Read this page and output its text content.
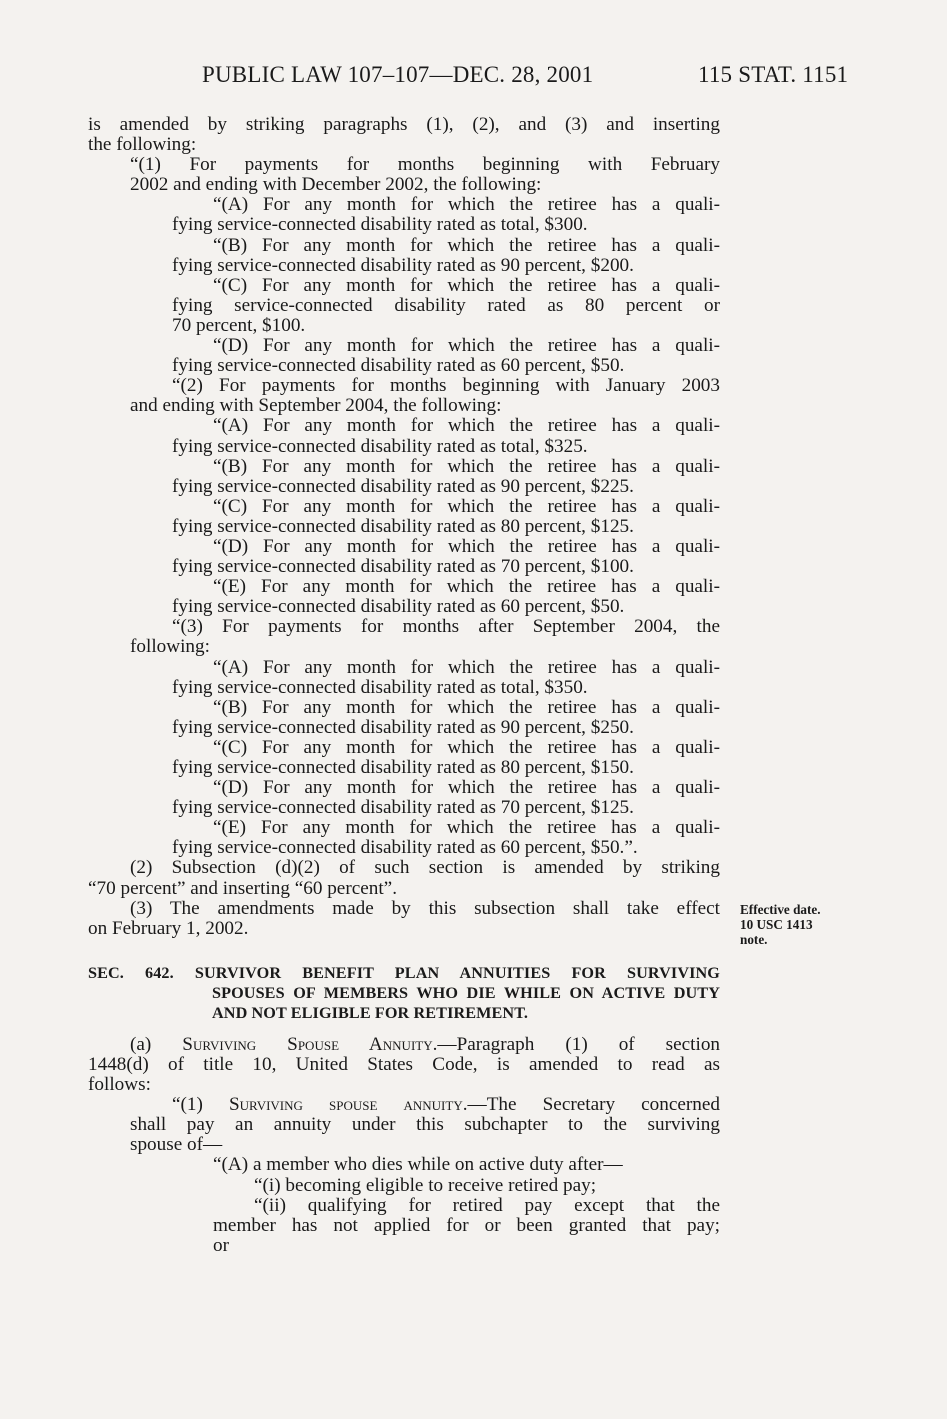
PUBLIC LAW 107–107—DEC. 28, 2001	115 STAT. 1151
is amended by striking paragraphs (1), (2), and (3) and inserting
the following:
“(1) For payments for months beginning with February
2002 and ending with December 2002, the following:
“(A) For any month for which the retiree has a quali-
fying service-connected disability rated as total, $300.
“(B) For any month for which the retiree has a quali-
fying service-connected disability rated as 90 percent, $200.
“(C) For any month for which the retiree has a quali-
fying service-connected disability rated as 80 percent or
70 percent, $100.
“(D) For any month for which the retiree has a quali-
fying service-connected disability rated as 60 percent, $50.
“(2) For payments for months beginning with January 2003
and ending with September 2004, the following:
“(A) For any month for which the retiree has a quali-
fying service-connected disability rated as total, $325.
“(B) For any month for which the retiree has a quali-
fying service-connected disability rated as 90 percent, $225.
“(C) For any month for which the retiree has a quali-
fying service-connected disability rated as 80 percent, $125.
“(D) For any month for which the retiree has a quali-
fying service-connected disability rated as 70 percent, $100.
“(E) For any month for which the retiree has a quali-
fying service-connected disability rated as 60 percent, $50.
“(3) For payments for months after September 2004, the
following:
“(A) For any month for which the retiree has a quali-
fying service-connected disability rated as total, $350.
“(B) For any month for which the retiree has a quali-
fying service-connected disability rated as 90 percent, $250.
“(C) For any month for which the retiree has a quali-
fying service-connected disability rated as 80 percent, $150.
“(D) For any month for which the retiree has a quali-
fying service-connected disability rated as 70 percent, $125.
“(E) For any month for which the retiree has a quali-
fying service-connected disability rated as 60 percent, $50.”.
(2) Subsection (d)(2) of such section is amended by striking
“70 percent” and inserting “60 percent”.
(3) The amendments made by this subsection shall take effect
on February 1, 2002.
SEC. 642. SURVIVOR BENEFIT PLAN ANNUITIES FOR SURVIVING
SPOUSES OF MEMBERS WHO DIE WHILE ON ACTIVE DUTY
AND NOT ELIGIBLE FOR RETIREMENT.
(a) Surviving Spouse Annuity.—Paragraph (1) of section
1448(d) of title 10, United States Code, is amended to read as
follows:
“(1) Surviving spouse annuity.—The Secretary concerned
shall pay an annuity under this subchapter to the surviving
spouse of—
“(A) a member who dies while on active duty after—
“(i) becoming eligible to receive retired pay;
“(ii) qualifying for retired pay except that the
member has not applied for or been granted that pay;
or
Effective date.
10 USC 1413
note.
